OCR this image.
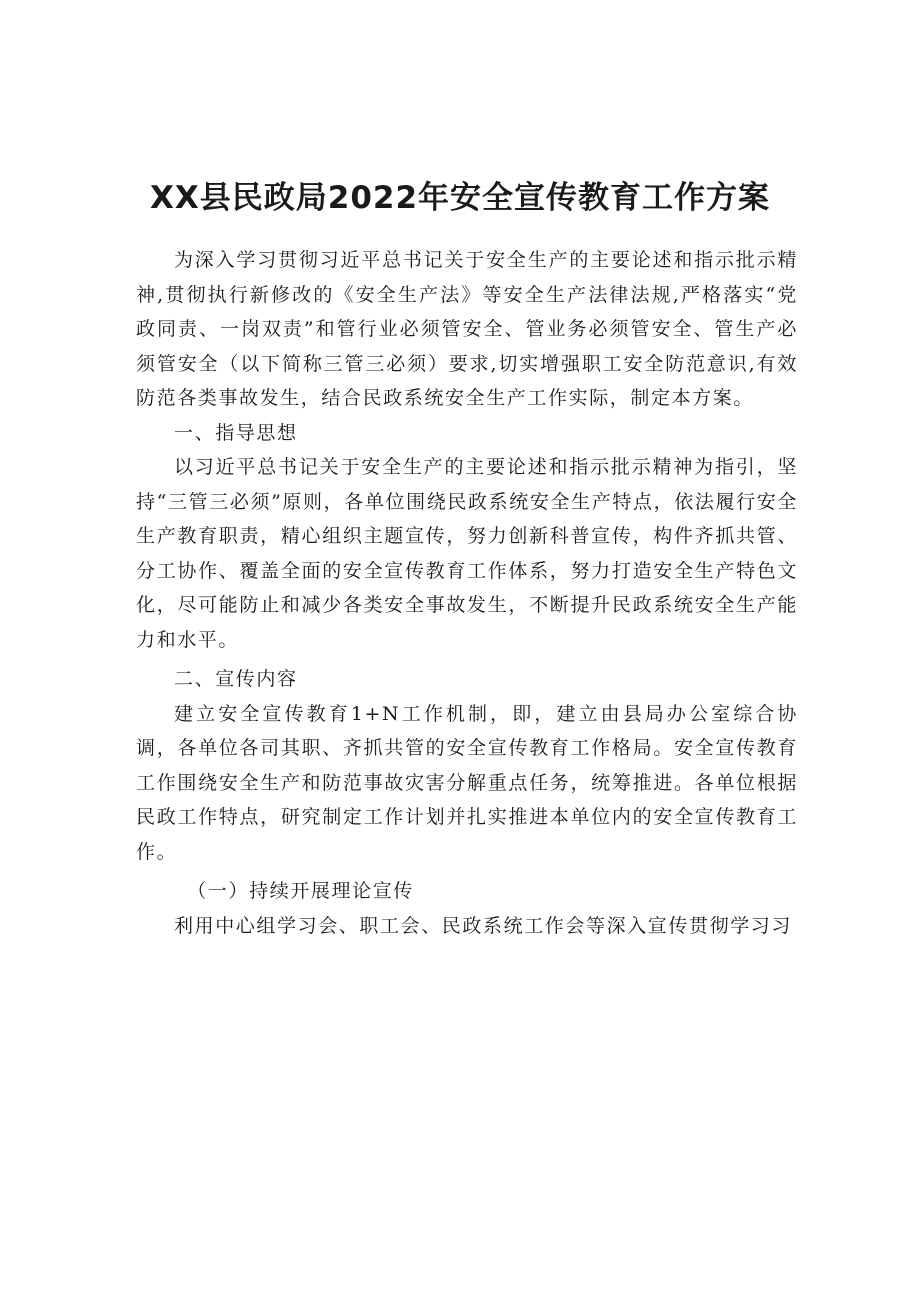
XX县民政局2022年安全宣传教育工作方案

为深入学习贯彻习近平总书记关于安全生产的主要论述和指示批示精神,贯彻执行新修改的《安全生产法》等安全生产法律法规,严格落实“党政同责、一岗双责”和管行业必须管安全、管业务必须管安全、管生产必须管安全（以下简称三管三必须）要求,切实增强职工安全防范意识,有效防范各类事故发生，结合民政系统安全生产工作实际，制定本方案。

一、指导思想

以习近平总书记关于安全生产的主要论述和指示批示精神为指引，坚持“三管三必须”原则，各单位围绕民政系统安全生产特点，依法履行安全生产教育职责，精心组织主题宣传，努力创新科普宣传，构件齐抓共管、分工协作、覆盖全面的安全宣传教育工作体系，努力打造安全生产特色文化，尽可能防止和减少各类安全事故发生，不断提升民政系统安全生产能力和水平。

二、宣传内容

建立安全宣传教育1+N工作机制，即，建立由县局办公室综合协调，各单位各司其职、齐抓共管的安全宣传教育工作格局。安全宣传教育工作围绕安全生产和防范事故灾害分解重点任务，统筹推进。各单位根据民政工作特点，研究制定工作计划并扎实推进本单位内的安全宣传教育工作。

（一）持续开展理论宣传

利用中心组学习会、职工会、民政系统工作会等深入宣传贯彻学习习
